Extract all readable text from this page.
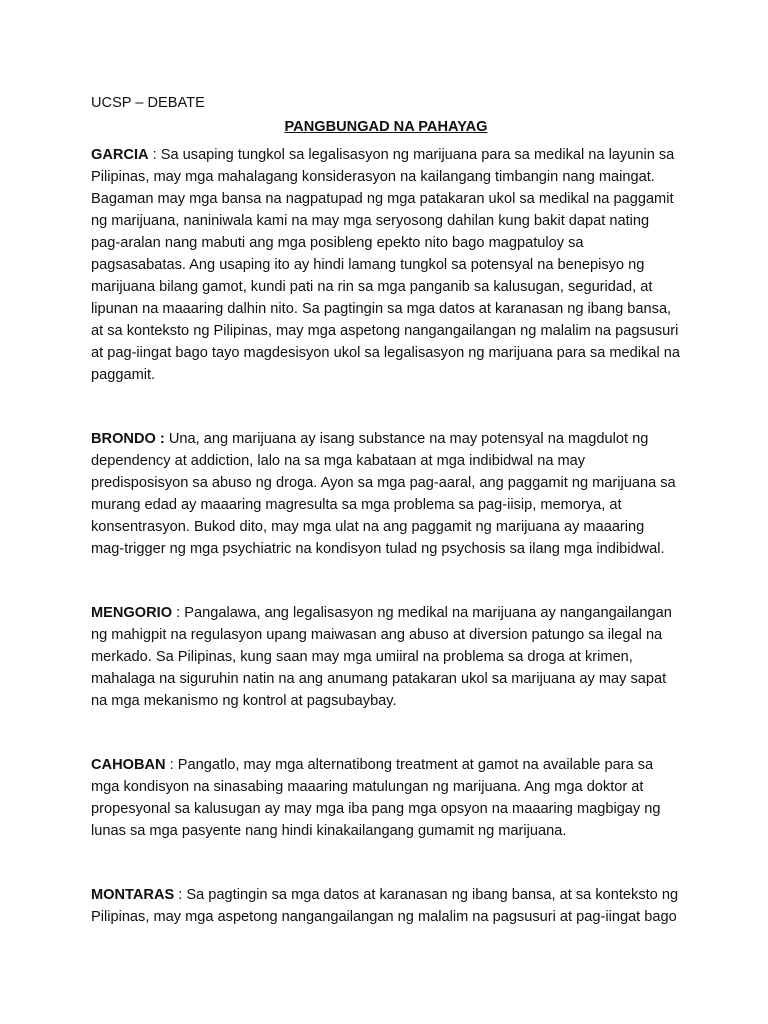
UCSP – DEBATE

PANGBUNGAD NA PAHAYAG

GARCIA : Sa usaping tungkol sa legalisasyon ng marijuana para sa medikal na layunin sa Pilipinas, may mga mahalagang konsiderasyon na kailangang timbangin nang maingat. Bagaman may mga bansa na nagpatupad ng mga patakaran ukol sa medikal na paggamit ng marijuana, naniniwala kami na may mga seryosong dahilan kung bakit dapat nating pag-aralan nang mabuti ang mga posibleng epekto nito bago magpatuloy sa pagsasabatas. Ang usaping ito ay hindi lamang tungkol sa potensyal na benepisyo ng marijuana bilang gamot, kundi pati na rin sa mga panganib sa kalusugan, seguridad, at lipunan na maaaring dalhin nito. Sa pagtingin sa mga datos at karanasan ng ibang bansa, at sa konteksto ng Pilipinas, may mga aspetong nangangailangan ng malalim na pagsusuri at pag-iingat bago tayo magdesisyon ukol sa legalisasyon ng marijuana para sa medikal na paggamit.

BRONDO : Una, ang marijuana ay isang substance na may potensyal na magdulot ng dependency at addiction, lalo na sa mga kabataan at mga indibidwal na may predisposisyon sa abuso ng droga. Ayon sa mga pag-aaral, ang paggamit ng marijuana sa murang edad ay maaaring magresulta sa mga problema sa pag-iisip, memorya, at konsentrasyon. Bukod dito, may mga ulat na ang paggamit ng marijuana ay maaaring mag-trigger ng mga psychiatric na kondisyon tulad ng psychosis sa ilang mga indibidwal.

MENGORIO : Pangalawa, ang legalisasyon ng medikal na marijuana ay nangangailangan ng mahigpit na regulasyon upang maiwasan ang abuso at diversion patungo sa ilegal na merkado. Sa Pilipinas, kung saan may mga umiiral na problema sa droga at krimen, mahalaga na siguruhin natin na ang anumang patakaran ukol sa marijuana ay may sapat na mga mekanismo ng kontrol at pagsubaybay.

CAHOBAN : Pangatlo, may mga alternatibong treatment at gamot na available para sa mga kondisyon na sinasabing maaaring matulungan ng marijuana. Ang mga doktor at propesyonal sa kalusugan ay may mga iba pang mga opsyon na maaaring magbigay ng lunas sa mga pasyente nang hindi kinakailangang gumamit ng marijuana.

MONTARAS : Sa pagtingin sa mga datos at karanasan ng ibang bansa, at sa konteksto ng Pilipinas, may mga aspetong nangangailangan ng malalim na pagsusuri at pag-iingat bago
